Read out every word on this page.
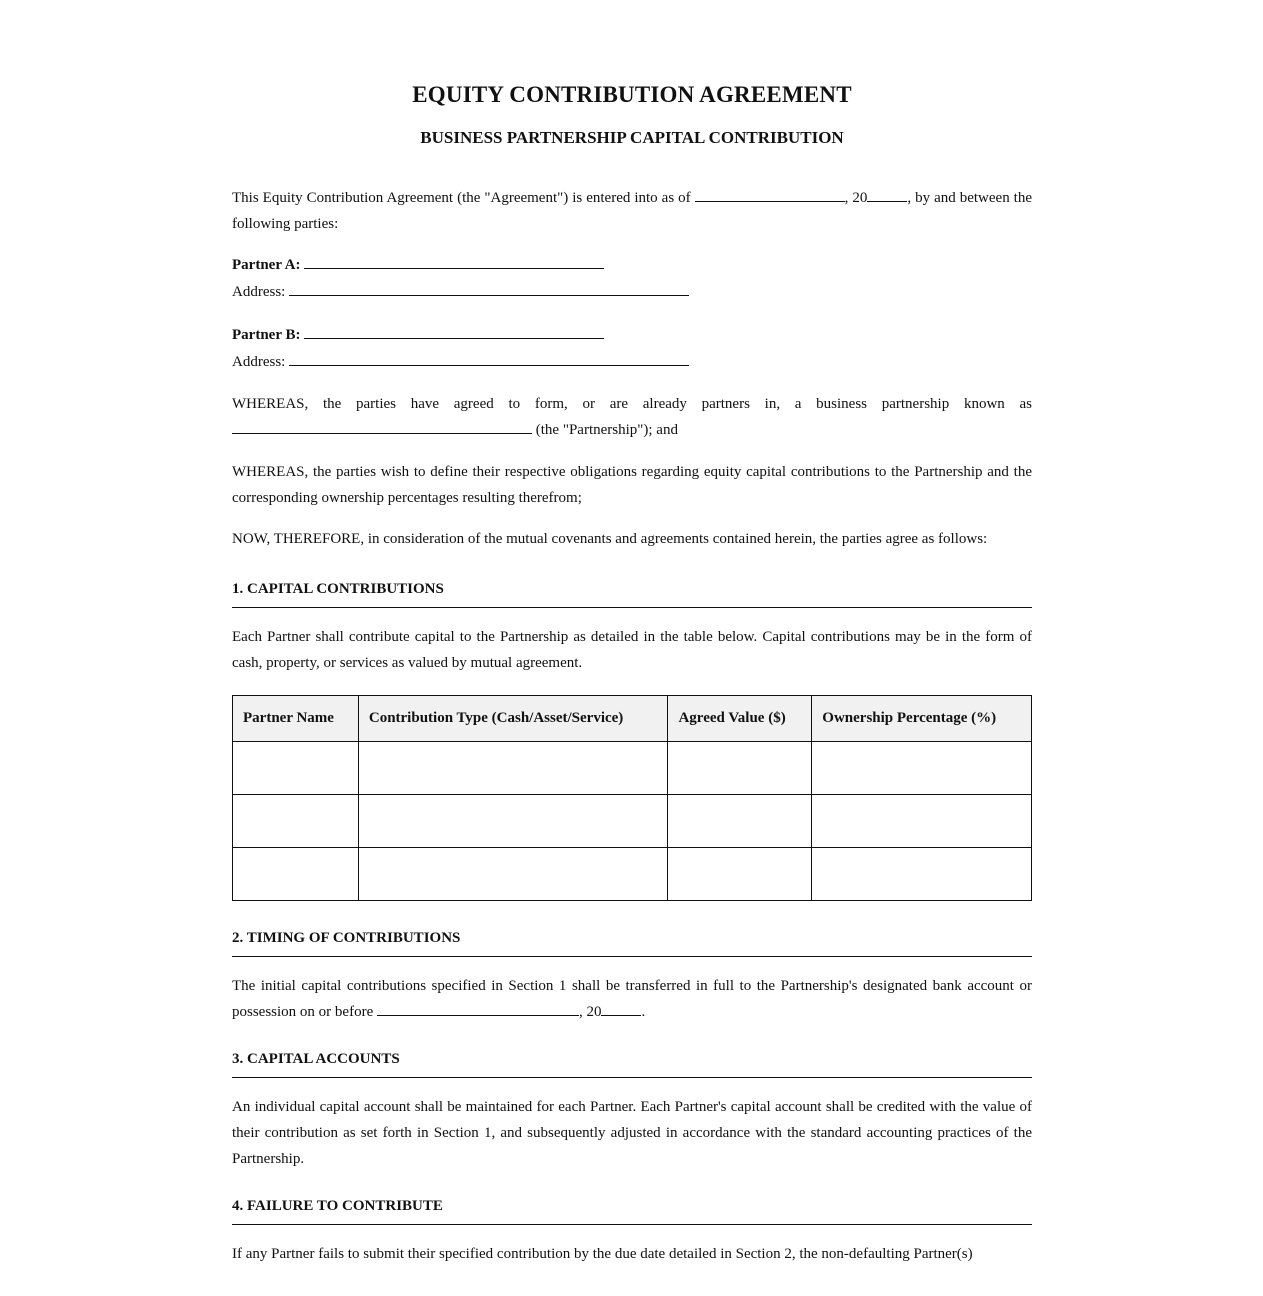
EQUITY CONTRIBUTION AGREEMENT
BUSINESS PARTNERSHIP CAPITAL CONTRIBUTION

This Equity Contribution Agreement (the "Agreement") is entered into as of	, 20	, by and between the following parties:

Partner A:
Address:
Partner B:
Address:

WHEREAS, the parties have agreed to form, or are already partners in, a business partnership known as  (the "Partnership"); and

WHEREAS, the parties wish to define their respective obligations regarding equity capital contributions to the Partnership and the corresponding ownership percentages resulting therefrom;

NOW, THEREFORE, in consideration of the mutual covenants and agreements contained herein, the parties agree as follows:

1. CAPITAL CONTRIBUTIONS

Each Partner shall contribute capital to the Partnership as detailed in the table below. Capital contributions may be in the form of cash, property, or services as valued by mutual agreement.

Partner Name	Contribution Type (Cash/Asset/Service)	Agreed Value ($)	Ownership Percentage (%)

2. TIMING OF CONTRIBUTIONS

The initial capital contributions specified in Section 1 shall be transferred in full to the Partnership's designated bank account or possession on or before	, 20	.

3. CAPITAL ACCOUNTS

An individual capital account shall be maintained for each Partner. Each Partner's capital account shall be credited with the value of their contribution as set forth in Section 1, and subsequently adjusted in accordance with the standard accounting practices of the Partnership.

4. FAILURE TO CONTRIBUTE

If any Partner fails to submit their specified contribution by the due date detailed in Section 2, the non-defaulting Partner(s)
